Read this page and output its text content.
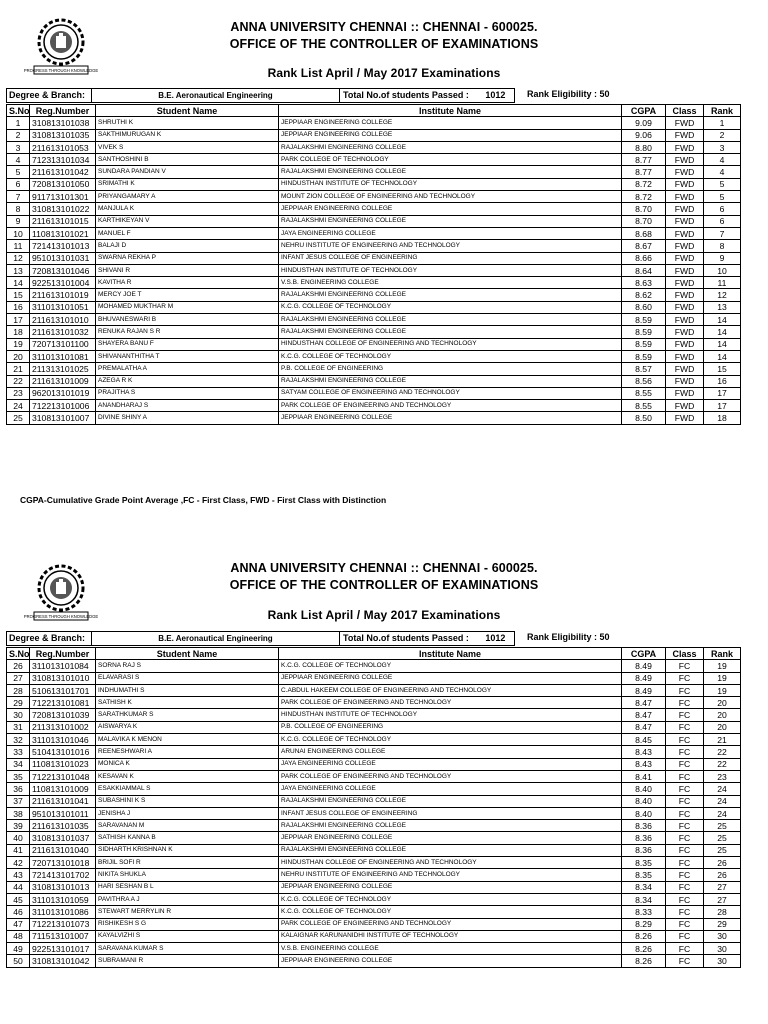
PROGRESS THROUGH KNOWLEDGE
ANNA UNIVERSITY CHENNAI :: CHENNAI - 600025.
OFFICE OF THE CONTROLLER OF EXAMINATIONS
Rank List April / May 2017 Examinations
Degree & Branch:	B.E. Aeronautical Engineering	Total No.of students Passed : 1012	Rank Eligibility : 50
S.No	Reg.Number	Student Name	Institute Name	CGPA	Class	Rank
1	310813101038	SHRUTHI K	JEPPIAAR ENGINEERING COLLEGE	9.09	FWD	1
2	310813101035	SAKTHIMURUGAN K	JEPPIAAR ENGINEERING COLLEGE	9.06	FWD	2
3	211613101053	VIVEK S	RAJALAKSHMI ENGINEERING COLLEGE	8.80	FWD	3
4	712313101034	SANTHOSHINI B	PARK COLLEGE OF TECHNOLOGY	8.77	FWD	4
5	211613101042	SUNDARA PANDIAN V	RAJALAKSHMI ENGINEERING COLLEGE	8.77	FWD	4
6	720813101050	SRIMATHI K	HINDUSTHAN INSTITUTE OF TECHNOLOGY	8.72	FWD	5
7	911713101301	PRIYANGAMARY A	MOUNT ZION COLLEGE OF ENGINEERING AND TECHNOLOGY	8.72	FWD	5
8	310813101022	MANJULA K	JEPPIAAR ENGINEERING COLLEGE	8.70	FWD	6
9	211613101015	KARTHIKEYAN V	RAJALAKSHMI ENGINEERING COLLEGE	8.70	FWD	6
10	110813101021	MANUEL F	JAYA ENGINEERING COLLEGE	8.68	FWD	7
11	721413101013	BALAJI D	NEHRU INSTITUTE OF ENGINEERING AND TECHNOLOGY	8.67	FWD	8
12	951013101031	SWARNA REKHA P	INFANT JESUS COLLEGE OF ENGINEERING	8.66	FWD	9
13	720813101046	SHIVANI R	HINDUSTHAN INSTITUTE OF TECHNOLOGY	8.64	FWD	10
14	922513101004	KAVITHA R	V.S.B. ENGINEERING COLLEGE	8.63	FWD	11
15	211613101019	MERCY JOE T	RAJALAKSHMI ENGINEERING COLLEGE	8.62	FWD	12
16	311013101051	MOHAMED MUKTHAR M	K.C.G. COLLEGE OF TECHNOLOGY	8.60	FWD	13
17	211613101010	BHUVANESWARI B	RAJALAKSHMI ENGINEERING COLLEGE	8.59	FWD	14
18	211613101032	RENUKA RAJAN S R	RAJALAKSHMI ENGINEERING COLLEGE	8.59	FWD	14
19	720713101100	SHAYERA BANU F	HINDUSTHAN COLLEGE OF ENGINEERING AND TECHNOLOGY	8.59	FWD	14
20	311013101081	SHIVANANTHITHA T	K.C.G. COLLEGE OF TECHNOLOGY	8.59	FWD	14
21	211313101025	PREMALATHA A	P.B. COLLEGE OF ENGINEERING	8.57	FWD	15
22	211613101009	AZEGA R K	RAJALAKSHMI ENGINEERING COLLEGE	8.56	FWD	16
23	962013101019	PRAJITHA S	SATYAM COLLEGE OF ENGINEERING AND TECHNOLOGY	8.55	FWD	17
24	712213101006	ANANDHARAJ S	PARK COLLEGE OF ENGINEERING AND TECHNOLOGY	8.55	FWD	17
25	310813101007	DIVINE SHINY A	JEPPIAAR ENGINEERING COLLEGE	8.50	FWD	18
CGPA-Cumulative Grade Point Average ,FC - First Class, FWD - First Class with Distinction
PROGRESS THROUGH KNOWLEDGE
ANNA UNIVERSITY CHENNAI :: CHENNAI - 600025.
OFFICE OF THE CONTROLLER OF EXAMINATIONS
Rank List April / May 2017 Examinations
Degree & Branch:	B.E. Aeronautical Engineering	Total No.of students Passed : 1012	Rank Eligibility : 50
S.No	Reg.Number	Student Name	Institute Name	CGPA	Class	Rank
26	311013101084	SORNA RAJ S	K.C.G. COLLEGE OF TECHNOLOGY	8.49	FC	19
27	310813101010	ELAVARASI S	JEPPIAAR ENGINEERING COLLEGE	8.49	FC	19
28	510613101701	INDHUMATHI S	C.ABDUL HAKEEM COLLEGE OF ENGINEERING AND TECHNOLOGY	8.49	FC	19
29	712213101081	SATHISH K	PARK COLLEGE OF ENGINEERING AND TECHNOLOGY	8.47	FC	20
30	720813101039	SARATHKUMAR S	HINDUSTHAN INSTITUTE OF TECHNOLOGY	8.47	FC	20
31	211313101002	AISWARYA K	P.B. COLLEGE OF ENGINEERING	8.47	FC	20
32	311013101046	MALAVIKA K MENON	K.C.G. COLLEGE OF TECHNOLOGY	8.45	FC	21
33	510413101016	REENESHWARI A	ARUNAI ENGINEERING COLLEGE	8.43	FC	22
34	110813101023	MONICA K	JAYA ENGINEERING COLLEGE	8.43	FC	22
35	712213101048	KESAVAN K	PARK COLLEGE OF ENGINEERING AND TECHNOLOGY	8.41	FC	23
36	110813101009	ESAKKIAMMAL S	JAYA ENGINEERING COLLEGE	8.40	FC	24
37	211613101041	SUBASHINI K S	RAJALAKSHMI ENGINEERING COLLEGE	8.40	FC	24
38	951013101011	JENISHA J	INFANT JESUS COLLEGE OF ENGINEERING	8.40	FC	24
39	211613101035	SARAVANAN M	RAJALAKSHMI ENGINEERING COLLEGE	8.36	FC	25
40	310813101037	SATHISH KANNA B	JEPPIAAR ENGINEERING COLLEGE	8.36	FC	25
41	211613101040	SIDHARTH KRISHNAN K	RAJALAKSHMI ENGINEERING COLLEGE	8.36	FC	25
42	720713101018	BRIJIL SOFI R	HINDUSTHAN COLLEGE OF ENGINEERING AND TECHNOLOGY	8.35	FC	26
43	721413101702	NIKITA SHUKLA	NEHRU INSTITUTE OF ENGINEERING AND TECHNOLOGY	8.35	FC	26
44	310813101013	HARI SESHAN B L	JEPPIAAR ENGINEERING COLLEGE	8.34	FC	27
45	311013101059	PAVITHRA A J	K.C.G. COLLEGE OF TECHNOLOGY	8.34	FC	27
46	311013101086	STEWART MERRYLIN R	K.C.G. COLLEGE OF TECHNOLOGY	8.33	FC	28
47	712213101073	RISHIKESH S G	PARK COLLEGE OF ENGINEERING AND TECHNOLOGY	8.29	FC	29
48	711513101007	KAYALVIZHI S	KALAIGNAR KARUNANIDHI INSTITUTE OF TECHNOLOGY	8.26	FC	30
49	922513101017	SARAVANA KUMAR S	V.S.B. ENGINEERING COLLEGE	8.26	FC	30
50	310813101042	SUBRAMANI R	JEPPIAAR ENGINEERING COLLEGE	8.26	FC	30
